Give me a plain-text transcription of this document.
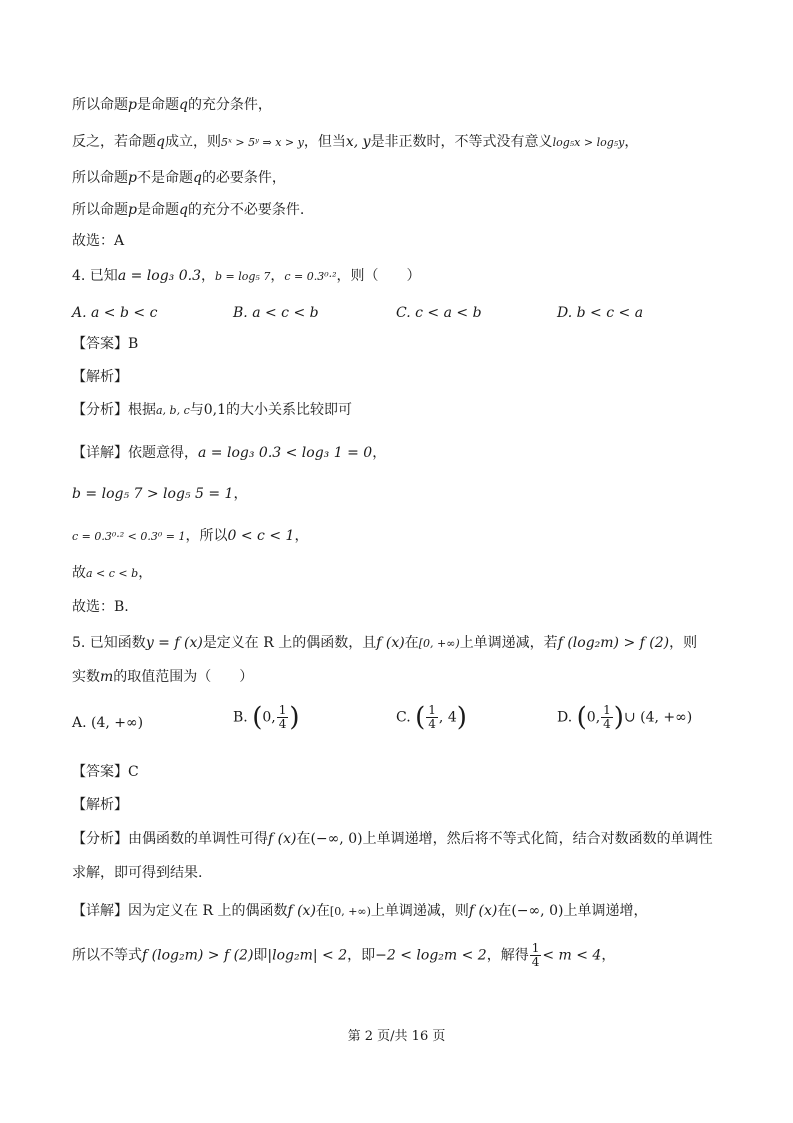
所以命题p是命题q的充分条件，
反之，若命题q成立，则5ˣ > 5ʸ ⇒ x > y，但当x, y是非正数时，不等式没有意义log₅x > log₅y，
所以命题p不是命题q的必要条件，
所以命题p是命题q的充分不必要条件.
故选：A
4. 已知a = log₃ 0.3，b = log₅ 7，c = 0.3⁰·²，则（　　）
A. a < b < c	B. a < c < b	C. c < a < b	D. b < c < a
【答案】B
【解析】
【分析】根据a, b, c与0,1的大小关系比较即可
【详解】依题意得，a = log₃ 0.3 < log₃ 1 = 0，
b = log₅ 7 > log₅ 5 = 1，
c = 0.3⁰·² < 0.3⁰ = 1，所以0 < c < 1，
故a < c < b，
故选：B.
5. 已知函数y = f (x)是定义在 R 上的偶函数，且f (x)在[0, +∞)上单调递减，若f (log₂m) > f (2)，则
实数m的取值范围为（　　）
A. (4, +∞)	B. (0, $\frac{1}{4}$ )	C. ( $\frac{1}{4}$ , 4)	D. (0, $\frac{1}{4}$ )∪ (4, +∞)
【答案】C
【解析】
【分析】由偶函数的单调性可得f (x)在(−∞, 0)上单调递增，然后将不等式化简，结合对数函数的单调性
求解，即可得到结果.
【详解】因为定义在 R 上的偶函数f (x)在[0, +∞)上单调递减，则f (x)在(−∞, 0)上单调递增，
所以不等式f (log₂m) > f (2)即|log₂m| < 2，即−2 < log₂m < 2，解得 $\frac{1}{4} < m < 4$，
第 2 页/共 16 页
